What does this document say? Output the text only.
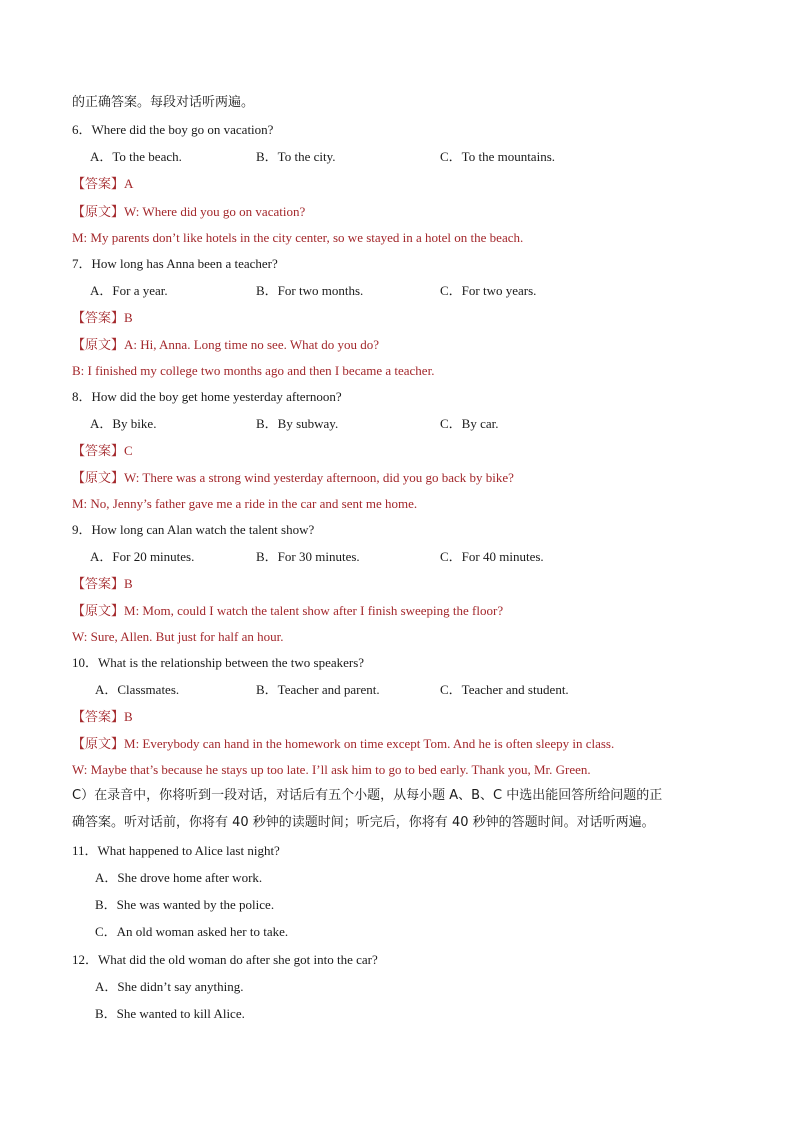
的正确答案。每段对话听两遍。
6．Where did the boy go on vacation?
A．To the beach.	B．To the city.	C．To the mountains.
【答案】A
【原文】W: Where did you go on vacation?
M: My parents don’t like hotels in the city center, so we stayed in a hotel on the beach.
7．How long has Anna been a teacher?
A．For a year.	B．For two months.	C．For two years.
【答案】B
【原文】A: Hi, Anna. Long time no see. What do you do?
B: I finished my college two months ago and then I became a teacher.
8．How did the boy get home yesterday afternoon?
A．By bike.	B．By subway.	C．By car.
【答案】C
【原文】W: There was a strong wind yesterday afternoon, did you go back by bike?
M: No, Jenny’s father gave me a ride in the car and sent me home.
9．How long can Alan watch the talent show?
A．For 20 minutes.	B．For 30 minutes.	C．For 40 minutes.
【答案】B
【原文】M: Mom, could I watch the talent show after I finish sweeping the floor?
W: Sure, Allen. But just for half an hour.
10．What is the relationship between the two speakers?
A．Classmates.	B．Teacher and parent.	C．Teacher and student.
【答案】B
【原文】M: Everybody can hand in the homework on time except Tom. And he is often sleepy in class.
W: Maybe that’s because he stays up too late. I’ll ask him to go to bed early. Thank you, Mr. Green.
C）在录音中，你将听到一段对话，对话后有五个小题，从每小题 A、B、C 中选出能回答所给问题的正
确答案。听对话前，你将有 40 秒钟的读题时间；听完后，你将有 40 秒钟的答题时间。对话听两遍。
11．What happened to Alice last night?
A．She drove home after work.
B．She was wanted by the police.
C．An old woman asked her to take.
12．What did the old woman do after she got into the car?
A．She didn’t say anything.
B．She wanted to kill Alice.
